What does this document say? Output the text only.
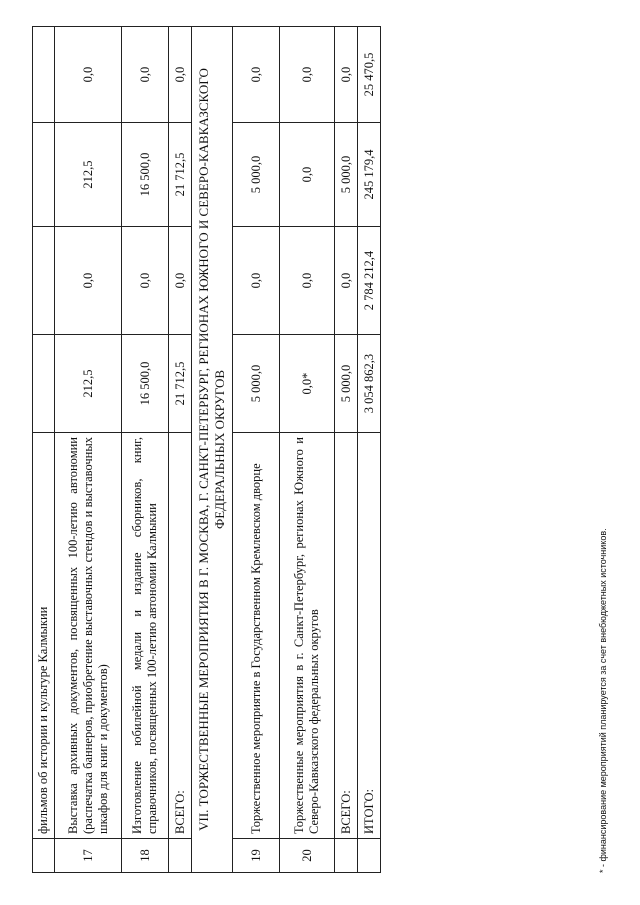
	фильмов об истории и культуре Калмыкии				
17	Выставка архивных документов, посвященных 100-летию автономии (распечатка баннеров, приобретение выставочных стендов и выставочных шкафов для книг и документов)	212,5	0,0	212,5	0,0
18	Изготовление юбилейной медали и издание сборников, книг, справочников, посвященных 100-летию автономии Калмыкии	16 500,0	0,0	16 500,0	0,0
	ВСЕГО:	21 712,5	0,0	21 712,5	0,0
VII. ТОРЖЕСТВЕННЫЕ МЕРОПРИЯТИЯ В Г. МОСКВА, Г. САНКТ-ПЕТЕРБУРГ, РЕГИОНАХ ЮЖНОГО И СЕВЕРО-КАВКАЗСКОГО ФЕДЕРАЛЬНЫХ ОКРУГОВ					
19	Торжественное мероприятие в Государственном Кремлевском дворце	5 000,0	0,0	5 000,0	0,0
20	Торжественные мероприятия в г. Санкт-Петербург, регионах Южного и Северо-Кавказского федеральных округов	0,0*	0,0	0,0	0,0
	ВСЕГО:	5 000,0	0,0	5 000,0	0,0
	ИТОГО:	3 054 862,3	2 784 212,4	245 179,4	25 470,5
* - финансирование мероприятий планируется за счет внебюджетных источников.
